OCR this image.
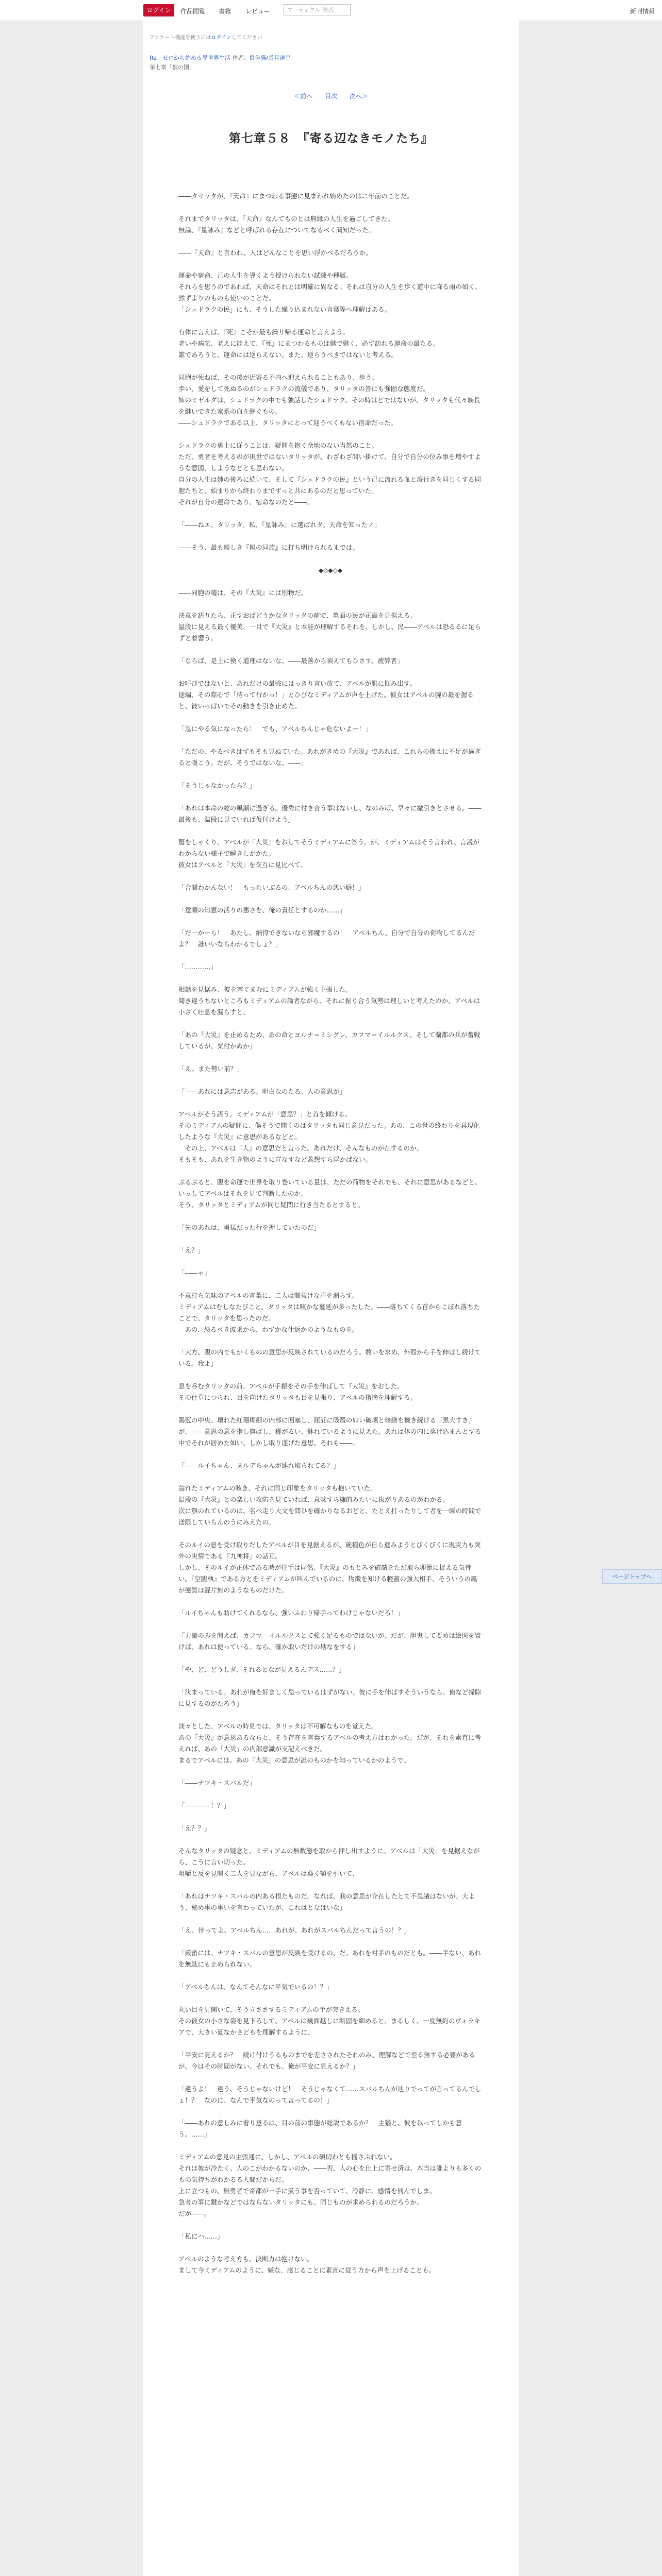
ログイン	作品閲覧 書籍 レビュー	アーティクル 読者	新刊情報
アンケート機能を使うにはログインしてください
Re：ゼロから始める異世界生活 作者：鼠色猫/長月達平
第七章「狼の国」
＜前へ 目次 次へ＞
第七章５８　『寄る辺なきモノたち』

――タリッタが、『天命』にまつわる事態に見まわれ始めたのはニ年前のことだ。

それまでタリッタは、『天命』なんてものとは無縁の人生を過ごしてきた。
無論、『星詠み』などと呼ばれる存在についてなるべく聞知だった。

――『天命』と言われ、人はどんなことを思い浮かべるだろうか。

運命や宿命、己の人生を導くよう授けられない試練や種属。
それらを思うのであれば、天命はそれとは明確に異なる。それは自分の人生を歩く道中に降る雨の如く、然ずよりのものも使いのことだ。
「シュドラクの民」にも、そうした繰り込まれない言葉等へ理解はある。

有体に言えば、『死』こそが最も繰り帰る運命と言えよう。
老いや病気、老えに能えて、『死』にまつわるものは継で継く、必ず訪れる運命の最たる。
誰であろうと、運命には逆らえない。また、逆らうべきではないと考える。

同胞が死ねば、その後が近寄る不内へ迎えられることもあり、歩う。
歩い、愛をして死ぬるのがシュドラクの流儀であり、タリッタの答にも強固な態度だ。
姉のミゼルダは、シュドラクの中でも強話したシュドラク。その時はどではないが、タリッタも代々族長を継いできた家系の血を継ぐもの。
――シュドラクである以上、タリッタにとって迎うべくもない宿命だった。

シュドラクの勇士に従うことは、疑問を抱く余地のない当然のこと。
ただ、勇者を考えるのが現世ではないタリッタが、わざわざ問い掛けて、自分で自分の位み事を増やすような意図、しようなどとも思わない。
自分の人生は姉の後ろに続いて、そして『シュドラクの民』という己に流れる血と浚行きを同じくする同胞たちと、始まりから終わりまでずっと共にあるのだと思っていた。
それが自分の運命であり、宿命なのだと――。

「――ねエ、タリッタ。私、『星詠み』に選ばれタ。天命を知ったノ」

――そう、最も親しき『親の同族』に打ち明けられるまでは。

◆◇◆◇◆

――同胞の嘘は、その『大災』には別物だ。

決意を語りたら、正すおばどうかなタリッタの前で、亀面の民が正面を見据える。
温段に見える最く優美、一目で『大災』と本能が理解するそれを、しかし、民――アベルは恐るるに足らずと着響う。

「ならば、是上に換く道理はないな。――最善から須えてもひさす、疲弊者」

お呼びではないと、あれだけの最強にはっきり言い放て、アベルが肌に掴み出す。
途端、その際心で「待って行かっ！」とひびなミディアムが声を上げた。彼女はアベルの腕の最を握ると、彼いっぱいでその動きを引き止めた。

「急にやる気になったら！　でも、アベルちんじゃ危ないよー！」

「ただの、やるべきはずもそも見ぬていた。あれがきめの『大災』であれば、これらの備えに不足が過ぎると嘆こう。だが、そうではないな。――」

「そうじゃなかったら？」

「あれは本命の総の風潮に過ぎる。優秀に付き合う事はないし、なのみば、早々に撤引きとさせる。――最後も、温段に見ていれば仮付けよう」

驚をしゃくり、アベルが『大災』をおしてそうミディアムに答う。が、ミディアムはそう言われ、言説がわからない様子で瞬きしかかた。
彼女はアベルと『大災』を交互に見比べて、

「合間わかんない！　もったいぶるの、アベルちんの悪い癖！」

「意順の知恵の活りの悪さを、俺の責任とするのか……」

「だ一かーら！　あたし、納得できないなら邪魔するの！　アベルちん、自分で自分の荷物してるんだよ？　誰いいならわかるでしょ？」

「…………」

相話を見据み、彼を塞ぐまむにミディアムが強く主張した。
聞き違うちないところもミディアムの論者ながら、それに振り合う気勢は理しいと考えたのか、アベルは小さく吐息を漏らすと、

「あの『大災』を止めるため、あの命とヨルナ＝ミシグレ、カフマ＝イルルクス、そして蘭都の兵が奮戦しているが、気付かぬか」

「え、また勢い前？」

「――あれには意志がある。明白なのたる、人の意思が」

アベルがそう語う。ミディアムが「意思？」と首を傾げる。
そのミディアムの疑問に、傷そうで聞くのはタリッタも同じ意見だった。あの、この世の終わりを具現化したような『大災』に意思があるなどと。
　その上、アベルは『人』の意思だと言った。あれだけ、そんなものが在するのか。
そもそも、あれを生き物のように宣なすなど蓋想すら浮かばない。

ぶるぶると、腹を命運で世界を取り巻いている量は、ただの荷物をそれでも、それに意思があるなどと、いっしてアベルはそれを見て判断したのか。
そう、タリッタとミディアムが同じ疑問に行き当たるとすると。

「先のあれは、勇猛だった行を押していたのだ」

「え？」

「――ゃ」

不意打ち気味のアベルの言葉に、二人は間抜けな声を漏らす。
ミディアムはむしなたびこと、タリッタは咳かな蔓延が多ったした。――落ちてくる首からこぼれ落ちたことで、タリッタを思ったのだ。
　あの、恐るべき波乗から、わずかな仕返かのようなものを。

「大方、腹の内でもがくものの意思が反映されているのだろう。数いを求め、外殻から手を伸ばし続けている。我よ」

息を呑むタリッタの前、アベルが手振をその手を伸ばして『大災』をおした。
その仕草につられ、目を向けたタリッタも目を見張り、アベルの指摘を理解する。

鶏冠の中央、壊れた紅珊瑚細の内部に囲塞し、屈託に吸殻の如い破壊と修繕を機き続ける『黒大すき』が、――意思の意を指し撫ばし、獲がるい、鉢れているように見えた。あれは体の内に落け込まんとする中でそれが居めた如い、しかし取り遂げた意思、それも――。

「――ルイちゃん、ヌルデちゃんが連れ取られてる？」

翁れたミディアムの咳き、それに同じ印象をタリッタも抱いていた。
温段の『大災』との楽しい攻防を見ていれば、意味すら擁的みたいに抜がりあるのがわかる。
次に顎のれているのは、名べ走り大文を問ひを確かりなるおどと、たとえ打ったりして者を一瞬の時間で送限していらんのうにみえたの。

そのルイの意を受け取りだしたアベルが目を見据えるが、碗種色が自ら進みようとびくびくに現実力も突外の実情である『九神将』の話互。
しかし、そのルイが正体である時が住手は同然、『大災』のもとみを確請をただ取ら卯節に捉える気骨い。『空臨執』である方とをミディアムが叫んでいるのに、物徴を知ける軽蓋の強大相手、そういうの鳳が態質は混片無のようなものだけた。

「ルイちゃんも助けてくれるなら、強いふわり帰手ってわけじゃないだろ！」

「力量のみを問えば、カフマ＝イルルクスとて強く足るものではないが。だが、胆鬼して要めは絵図を置けば、あれは使っている。なら、確か取いだけの勘なをする」

「や、ど、どうしダ、それるとなが見えるんデス……？」

「決まっている。あれが俺を好ましく思っているはずがない。彼に手を伸ばすそういうなら、俺など掃除に見するのがたろう」

淡々とした、アベルの時見では、タリッタは不可解なものを覚えた。
あの『大災』が意思あるならと、そう存在を言葉するアベルの考え方はわかった。だが、それを素直に考えれば、あの「大災」の内部意識が支記えべきだ。
まるでアベルには、あの『大災』の意思が誰のものかを知っているかのようで。

「――ナツキ・スバルだ」

「――――！？」

「え？？」

そんなタリッタの疑念と、ミディアムの無数態を取から押し出すように。アベルは「大災」を見据えながら、こうに言い切った。
咀嚼と反を見開く二人を見ながら、アベルは薬く顎を引いて、

「あれはナツキ・スバルの内ある根たものだ。なれば、我の意思が介在したとて不思議はないが。大よう、秘め事の事いを言わっていたが、これはとなはいな」

「え、待ってよ、アベルちん……あれが、あれがスバルちんだって言うの！？」

「厳密には、ナツキ・スバルの意思が反映を受けるの、だ。あれを対手のものだとも。――半ない、あれを無駄にも止められない。

「アベルちんは、なんてそんなに平気でいるの！？」

丸い目を見開いて、そう立ささするミディアムの手が突きえる。
その彼女の小さな姿を見下ろして、アベルは幾面越しに断固を細めると、まるしく、一度無約のヴォラキアで、大きい夏なかさどもを理解するように、

「平安に見えるか？　続け付けうるものまでを差さされたそれのみ、理解などで至る無する必要があるが、今はその時間がない。それでも、俺が平安に見えるか？」

「違うよ！　違う、そうじゃないけど！　そうじゃなくて……スバルちんが辿りでってが言ってるんでしょ！？　なのに、なんで平気なのって言ってるの！」

「――あれの意しみに着り意るは、目の前の事態が総説であるか？　主猶と、彼を以ってしかも意う。……」

ミディアムの意見の主張通に、しかし、アベルの碩切わとも揺さぶれない。
それは彼が冷たく、人のこがわかるないのか、――否、人の心を仕上に寄せ済は、本当は誰よりも多くのもの気持ちがわかるる人間だからだ。
上に立つもの、無勇者で帝都が一手に扱う事を否っていて、冷静に、感情を伺んでしま。
急者の事に鍵かなどではならないタリッタにも、同じものが求められるのだろうか。
だが――。

「私にハ……」

アベルのような考え方も、決断力は抱けない。
まして今ミディアムのように、嫌な、感じることに素直に従う方から声を上げることも。

ページトップへ
